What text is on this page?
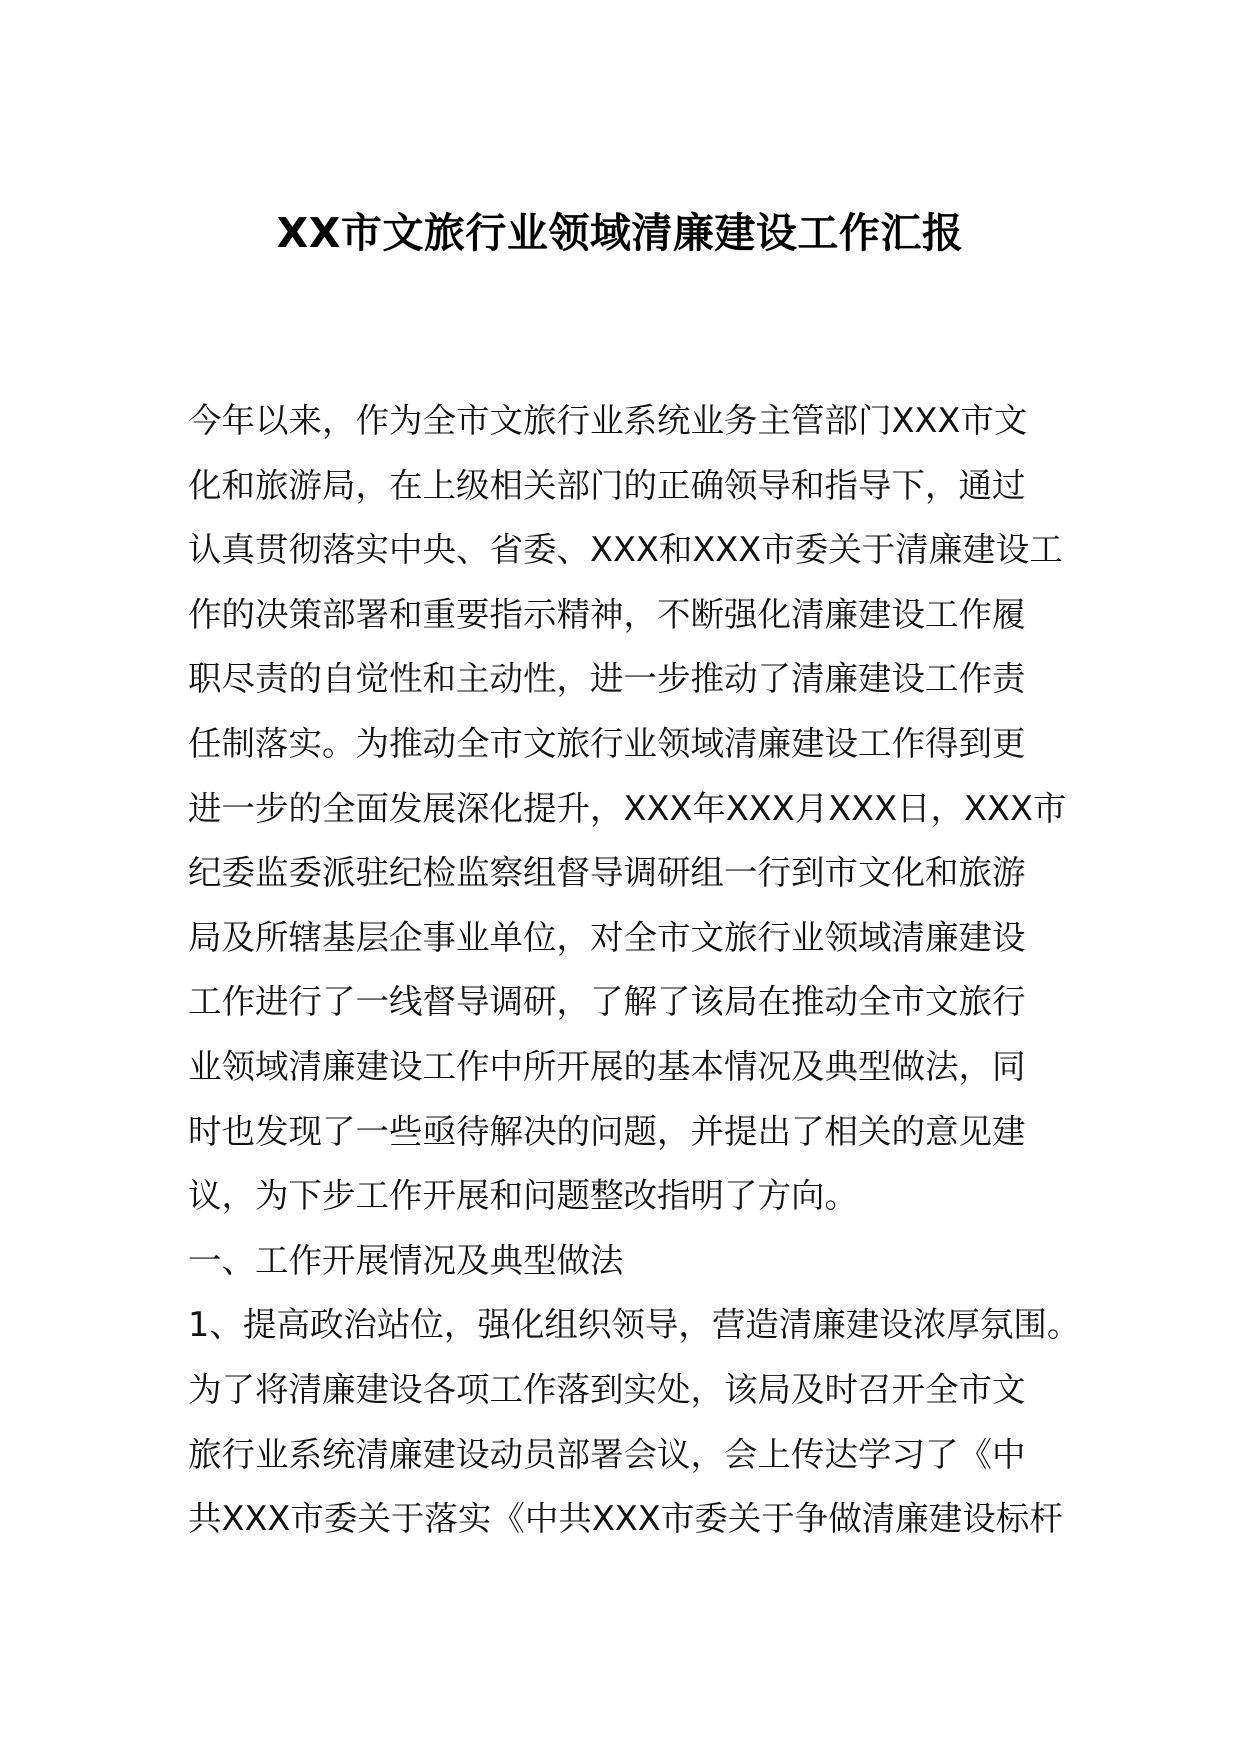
XX市文旅行业领域清廉建设工作汇报
今年以来，作为全市文旅行业系统业务主管部门XXX市文
化和旅游局，在上级相关部门的正确领导和指导下，通过
认真贯彻落实中央、省委、XXX和XXX市委关于清廉建设工
作的决策部署和重要指示精神，不断强化清廉建设工作履
职尽责的自觉性和主动性，进一步推动了清廉建设工作责
任制落实。为推动全市文旅行业领域清廉建设工作得到更
进一步的全面发展深化提升，XXX年XXX月XXX日，XXX市
纪委监委派驻纪检监察组督导调研组一行到市文化和旅游
局及所辖基层企事业单位，对全市文旅行业领域清廉建设
工作进行了一线督导调研，了解了该局在推动全市文旅行
业领域清廉建设工作中所开展的基本情况及典型做法，同
时也发现了一些亟待解决的问题，并提出了相关的意见建
议，为下步工作开展和问题整改指明了方向。
一、工作开展情况及典型做法
1、提高政治站位，强化组织领导，营造清廉建设浓厚氛围。
为了将清廉建设各项工作落到实处，该局及时召开全市文
旅行业系统清廉建设动员部署会议，会上传达学习了《中
共XXX市委关于落实《中共XXX市委关于争做清廉建设标杆
